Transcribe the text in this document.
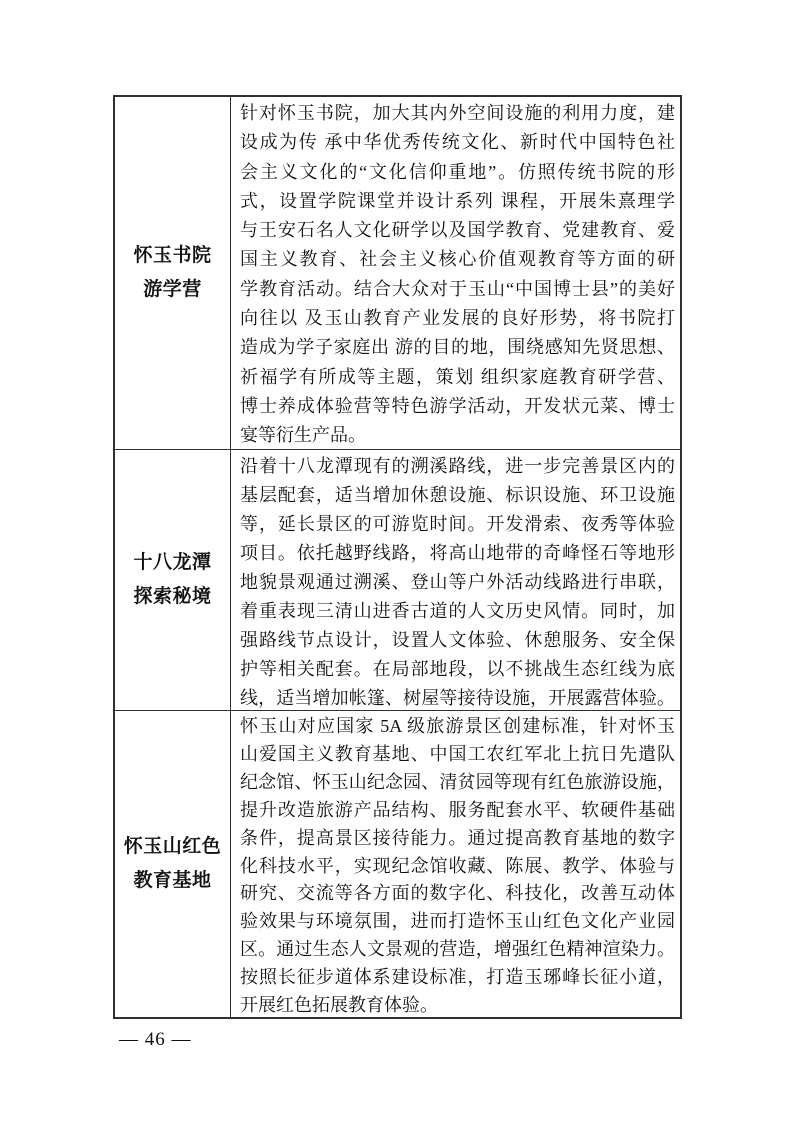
怀玉书院
游学营
针对怀玉书院，加大其内外空间设施的利用力度，建
设成为传 承中华优秀传统文化、新时代中国特色社
会主义文化的“文化信仰重地”。仿照传统书院的形
式，设置学院课堂并设计系列 课程，开展朱熹理学
与王安石名人文化研学以及国学教育、党建教育、爱
国主义教育、社会主义核心价值观教育等方面的研
学教育活动。结合大众对于玉山“中国博士县”的美好
向往以 及玉山教育产业发展的良好形势，将书院打
造成为学子家庭出 游的目的地，围绕感知先贤思想、
祈福学有所成等主题，策划 组织家庭教育研学营、
博士养成体验营等特色游学活动，开发状元菜、博士
宴等衍生产品。
十八龙潭
探索秘境
沿着十八龙潭现有的溯溪路线，进一步完善景区内的
基层配套，适当增加休憩设施、标识设施、环卫设施
等，延长景区的可游览时间。开发滑索、夜秀等体验
项目。依托越野线路，将高山地带的奇峰怪石等地形
地貌景观通过溯溪、登山等户外活动线路进行串联，
着重表现三清山进香古道的人文历史风情。同时，加
强路线节点设计，设置人文体验、休憩服务、安全保
护等相关配套。在局部地段，以不挑战生态红线为底
线，适当增加帐篷、树屋等接待设施，开展露营体验。
怀玉山红色
教育基地
怀玉山对应国家 5A 级旅游景区创建标准，针对怀玉
山爱国主义教育基地、中国工农红军北上抗日先遣队
纪念馆、怀玉山纪念园、清贫园等现有红色旅游设施，
提升改造旅游产品结构、服务配套水平、软硬件基础
条件，提高景区接待能力。通过提高教育基地的数字
化科技水平，实现纪念馆收藏、陈展、教学、体验与
研究、交流等各方面的数字化、科技化，改善互动体
验效果与环境氛围，进而打造怀玉山红色文化产业园
区。通过生态人文景观的营造，增强红色精神渲染力。
按照长征步道体系建设标准，打造玉琊峰长征小道，
开展红色拓展教育体验。
— 46 —
